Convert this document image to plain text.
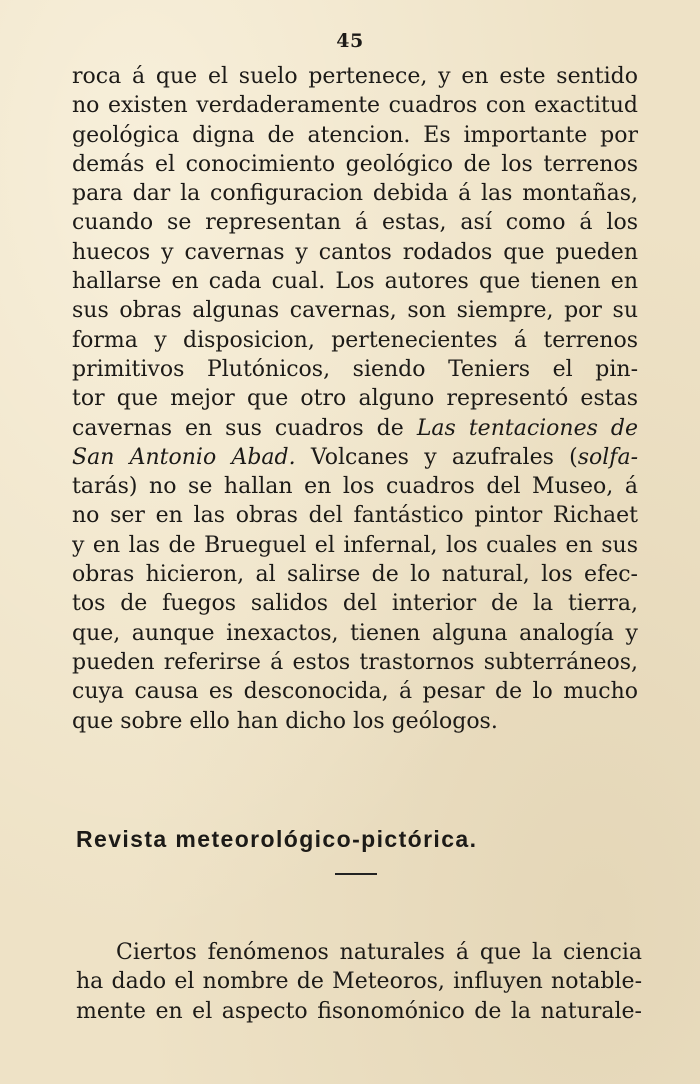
45
roca á que el suelo pertenece, y en este sentido
no existen verdaderamente cuadros con exactitud
geológica digna de atencion. Es importante por
demás el conocimiento geológico de los terrenos
para dar la configuracion debida á las montañas,
cuando se representan á estas, así como á los
huecos y cavernas y cantos rodados que pueden
hallarse en cada cual. Los autores que tienen en
sus obras algunas cavernas, son siempre, por su
forma y disposicion, pertenecientes á terrenos
primitivos Plutónicos, siendo Teniers el pin-
tor que mejor que otro alguno representó estas
cavernas en sus cuadros de Las tentaciones de
San Antonio Abad. Volcanes y azufrales (solfa-
tarás) no se hallan en los cuadros del Museo, á
no ser en las obras del fantástico pintor Richaet
y en las de Brueguel el infernal, los cuales en sus
obras hicieron, al salirse de lo natural, los efec-
tos de fuegos salidos del interior de la tierra,
que, aunque inexactos, tienen alguna analogía y
pueden referirse á estos trastornos subterráneos,
cuya causa es desconocida, á pesar de lo mucho
que sobre ello han dicho los geólogos.
Revista meteorológico-pictórica.
Ciertos fenómenos naturales á que la ciencia
ha dado el nombre de Meteoros, influyen notable-
mente en el aspecto fisonomónico de la naturale-
